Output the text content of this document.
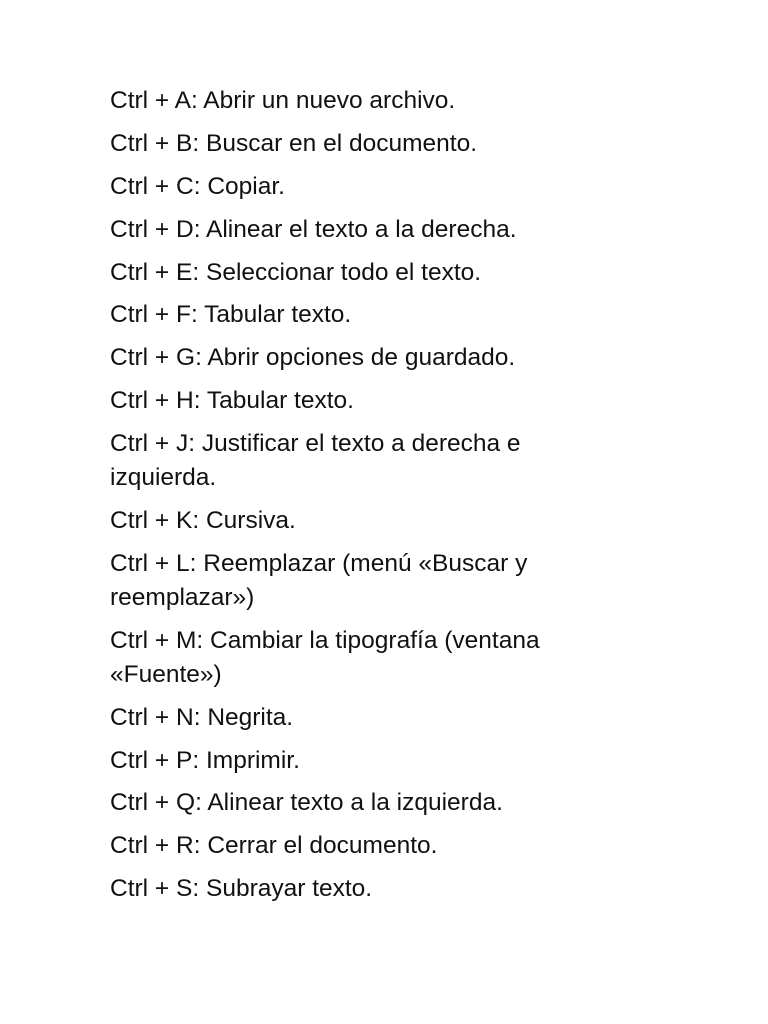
Ctrl + A: Abrir un nuevo archivo.
Ctrl + B: Buscar en el documento.
Ctrl + C: Copiar.
Ctrl + D: Alinear el texto a la derecha.
Ctrl + E: Seleccionar todo el texto.
Ctrl + F: Tabular texto.
Ctrl + G: Abrir opciones de guardado.
Ctrl + H: Tabular texto.
Ctrl + J: Justificar el texto a derecha e izquierda.
Ctrl + K: Cursiva.
Ctrl + L: Reemplazar (menú «Buscar y reemplazar»)
Ctrl + M: Cambiar la tipografía (ventana «Fuente»)
Ctrl + N: Negrita.
Ctrl + P: Imprimir.
Ctrl + Q: Alinear texto a la izquierda.
Ctrl + R: Cerrar el documento.
Ctrl + S: Subrayar texto.
